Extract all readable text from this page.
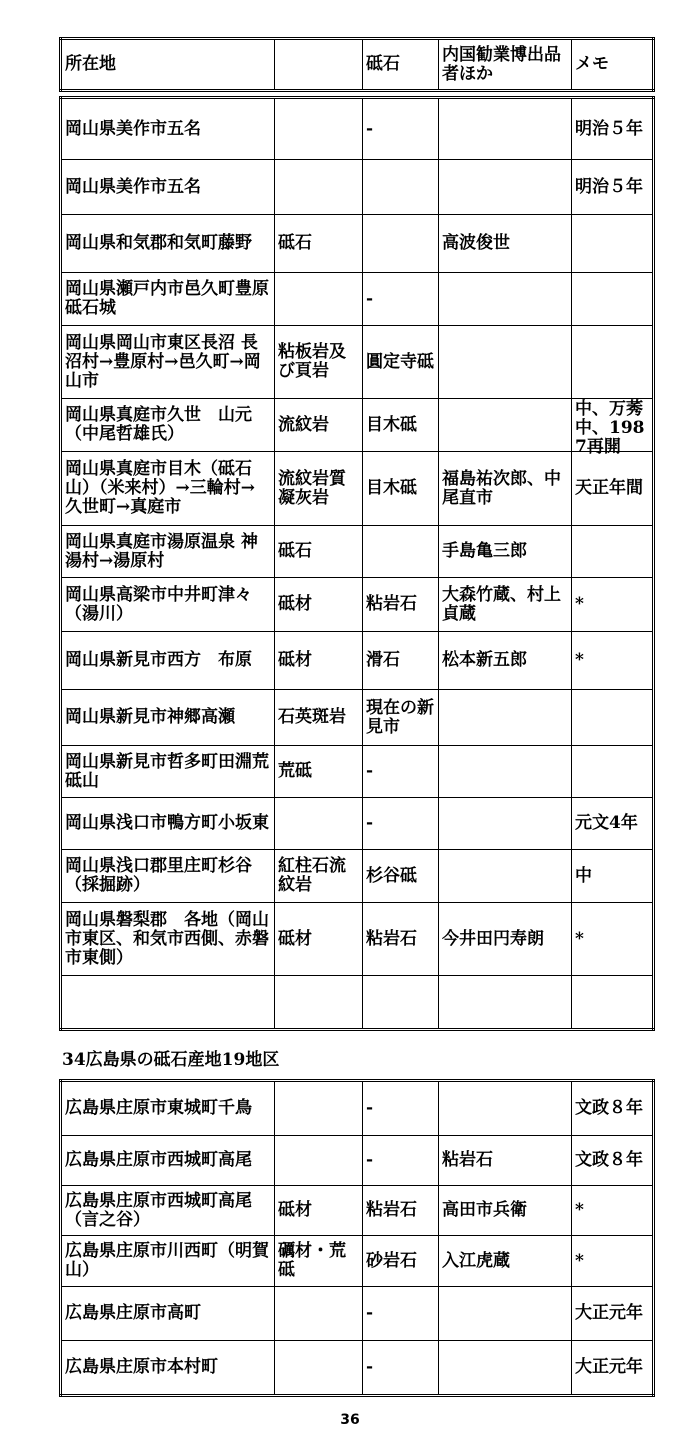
所在地		砥石	内国勧業博出品者ほか	メモ
岡山県美作市五名		-		明治５年

岡山県美作市五名				明治５年

岡山県和気郡和気町藤野	砥石		高波俊世	

岡山県瀬戸内市邑久町豊原　砥石城		-		

岡山県岡山市東区長沼 長沼村→豊原村→邑久町→岡山市	粘板岩及び頁岩	圓定寺砥		

岡山県真庭市久世　山元（中尾哲雄氏）	流紋岩	目木砥		中、万莠中、1987再開

岡山県真庭市目木（砥石山）（米来村）→三輪村→久世町→真庭市	流紋岩質凝灰岩	目木砥	福島祐次郎、中尾直市	天正年間

岡山県真庭市湯原温泉 神湯村→湯原村	砥石		手島亀三郎	

岡山県高梁市中井町津々（湯川）	砥材	粘岩石	大森竹蔵、村上貞蔵	*

岡山県新見市西方　布原	砥材	滑石	松本新五郎	*

岡山県新見市神郷高瀬	石英斑岩	現在の新見市		

岡山県新見市哲多町田淵荒砥山	荒砥	-		

岡山県浅口市鴨方町小坂東		-		元文4年

岡山県浅口郡里庄町杉谷（採掘跡）	紅柱石流紋岩	杉谷砥		中

岡山県磐梨郡　各地（岡山市東区、和気市西側、赤磐市東側）	砥材	粘岩石	今井田円寿朗	*

34広島県の砥石産地19地区
広島県庄原市東城町千鳥		-		文政８年

広島県庄原市西城町高尾		-	粘岩石	文政８年

広島県庄原市西城町高尾（言之谷）	砥材	粘岩石	高田市兵衛	*

広島県庄原市川西町（明賀山）	礪材・荒砥	砂岩石	入江虎蔵	*

広島県庄原市高町		-		大正元年

広島県庄原市本村町		-		大正元年
36
